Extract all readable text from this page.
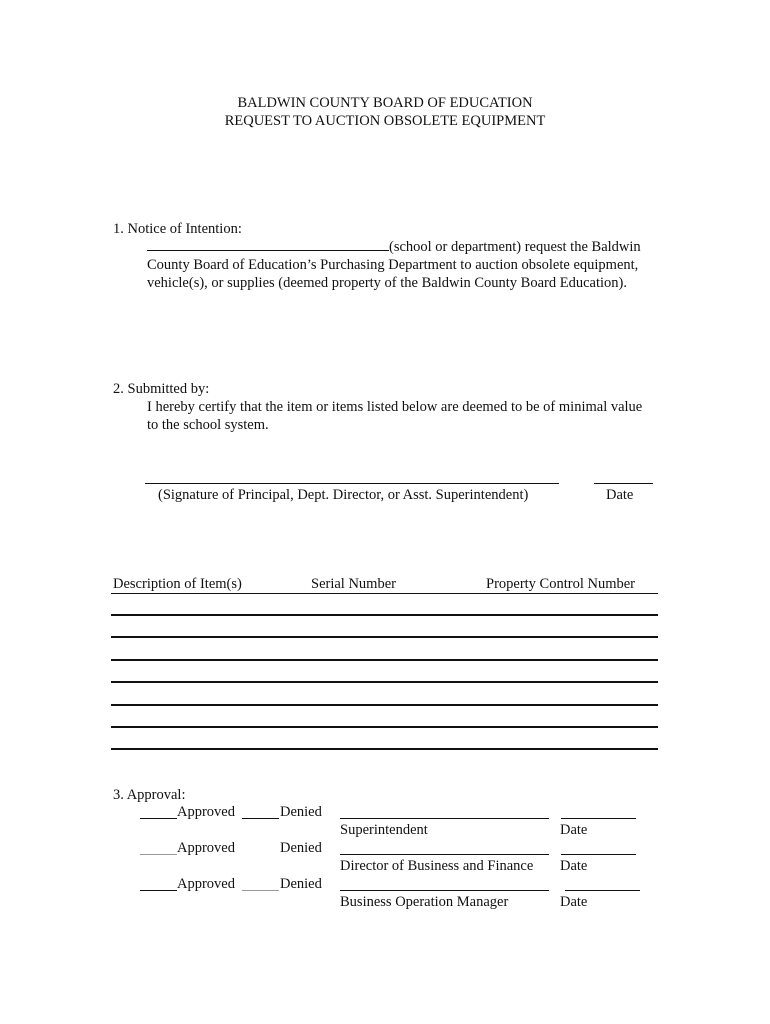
BALDWIN COUNTY BOARD OF EDUCATION
REQUEST TO AUCTION OBSOLETE EQUIPMENT
1. Notice of Intention:
(school or department) request the Baldwin County Board of Education’s Purchasing Department to auction obsolete equipment, vehicle(s), or supplies (deemed property of the Baldwin County Board Education).
2. Submitted by:
I hereby certify that the item or items listed below are deemed to be of minimal value to the school system.
(Signature of Principal, Dept. Director, or Asst. Superintendent)	Date
Description of Item(s)	Serial Number	Property Control Number
3. Approval:
Approved	Denied
Superintendent	Date
Approved	Denied
Director of Business and Finance Date
Approved	Denied
Business Operation Manager	Date
